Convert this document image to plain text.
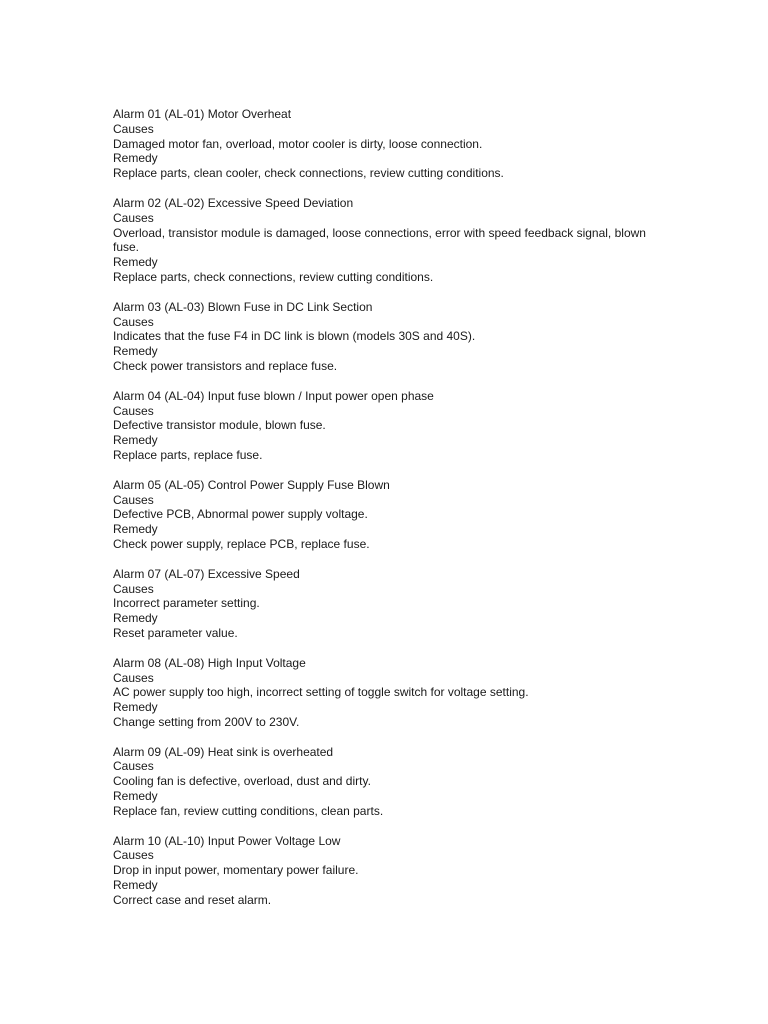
Alarm 01 (AL-01) Motor Overheat
Causes
Damaged motor fan, overload, motor cooler is dirty, loose connection.
Remedy
Replace parts, clean cooler, check connections, review cutting conditions.
Alarm 02 (AL-02) Excessive Speed Deviation
Causes
Overload, transistor module is damaged, loose connections, error with speed feedback signal, blown fuse.
Remedy
Replace parts, check connections, review cutting conditions.
Alarm 03 (AL-03) Blown Fuse in DC Link Section
Causes
Indicates that the fuse F4 in DC link is blown (models 30S and 40S).
Remedy
Check power transistors and replace fuse.
Alarm 04 (AL-04) Input fuse blown / Input power open phase
Causes
Defective transistor module, blown fuse.
Remedy
Replace parts, replace fuse.
Alarm 05 (AL-05) Control Power Supply Fuse Blown
Causes
Defective PCB, Abnormal power supply voltage.
Remedy
Check power supply, replace PCB, replace fuse.
Alarm 07 (AL-07) Excessive Speed
Causes
Incorrect parameter setting.
Remedy
Reset parameter value.
Alarm 08 (AL-08) High Input Voltage
Causes
AC power supply too high, incorrect setting of toggle switch for voltage setting.
Remedy
Change setting from 200V to 230V.
Alarm 09 (AL-09) Heat sink is overheated
Causes
Cooling fan is defective, overload, dust and dirty.
Remedy
Replace fan, review cutting conditions, clean parts.
Alarm 10 (AL-10) Input Power Voltage Low
Causes
Drop in input power, momentary power failure.
Remedy
Correct case and reset alarm.
